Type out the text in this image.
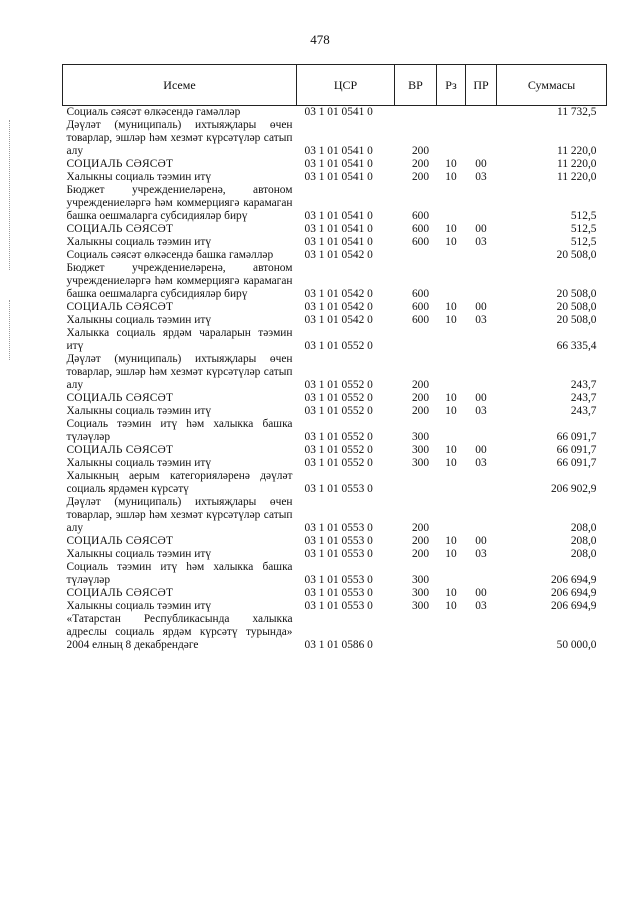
478
Исеме	ЦСР	ВР	Рз	ПР	Суммасы
Социаль сәясәт өлкәсендә гамәлләр	03 1 01 0541 0				11 732,5
Дәүләт (муниципаль) ихтыяҗлары өчен товарлар, эшләр һәм хезмәт күрсәтүләр сатып алу	03 1 01 0541 0	200			11 220,0
СОЦИАЛЬ СӘЯСӘТ	03 1 01 0541 0	200	10	00	11 220,0
Халыкны социаль тәэмин итү	03 1 01 0541 0	200	10	03	11 220,0
Бюджет учреждениеләренә, автоном учреждениеләргә һәм коммерциягә карамаган башка оешмаларга субсидияләр бирү	03 1 01 0541 0	600			512,5
СОЦИАЛЬ СӘЯСӘТ	03 1 01 0541 0	600	10	00	512,5
Халыкны социаль тәэмин итү	03 1 01 0541 0	600	10	03	512,5
Социаль сәясәт өлкәсендә башка гамәлләр	03 1 01 0542 0				20 508,0
Бюджет учреждениеләренә, автоном учреждениеләргә һәм коммерциягә карамаган башка оешмаларга субсидияләр бирү	03 1 01 0542 0	600			20 508,0
СОЦИАЛЬ СӘЯСӘТ	03 1 01 0542 0	600	10	00	20 508,0
Халыкны социаль тәэмин итү	03 1 01 0542 0	600	10	03	20 508,0
Халыкка социаль ярдәм чараларын тәэмин итү	03 1 01 0552 0				66 335,4
Дәүләт (муниципаль) ихтыяҗлары өчен товарлар, эшләр һәм хезмәт күрсәтүләр сатып алу	03 1 01 0552 0	200			243,7
СОЦИАЛЬ СӘЯСӘТ	03 1 01 0552 0	200	10	00	243,7
Халыкны социаль тәэмин итү	03 1 01 0552 0	200	10	03	243,7
Социаль тәэмин итү һәм халыкка башка түләүләр	03 1 01 0552 0	300			66 091,7
СОЦИАЛЬ СӘЯСӘТ	03 1 01 0552 0	300	10	00	66 091,7
Халыкны социаль тәэмин итү	03 1 01 0552 0	300	10	03	66 091,7
Халыкның аерым категорияләренә дәүләт социаль ярдәмен күрсәтү	03 1 01 0553 0				206 902,9
Дәүләт (муниципаль) ихтыяҗлары өчен товарлар, эшләр һәм хезмәт күрсәтүләр сатып алу	03 1 01 0553 0	200			208,0
СОЦИАЛЬ СӘЯСӘТ	03 1 01 0553 0	200	10	00	208,0
Халыкны социаль тәэмин итү	03 1 01 0553 0	200	10	03	208,0
Социаль тәэмин итү һәм халыкка башка түләүләр	03 1 01 0553 0	300			206 694,9
СОЦИАЛЬ СӘЯСӘТ	03 1 01 0553 0	300	10	00	206 694,9
Халыкны социаль тәэмин итү	03 1 01 0553 0	300	10	03	206 694,9
«Татарстан Республикасында халыкка адреслы социаль ярдәм күрсәтү турында» 2004 елның 8 декабрендәге	03 1 01 0586 0				50 000,0
